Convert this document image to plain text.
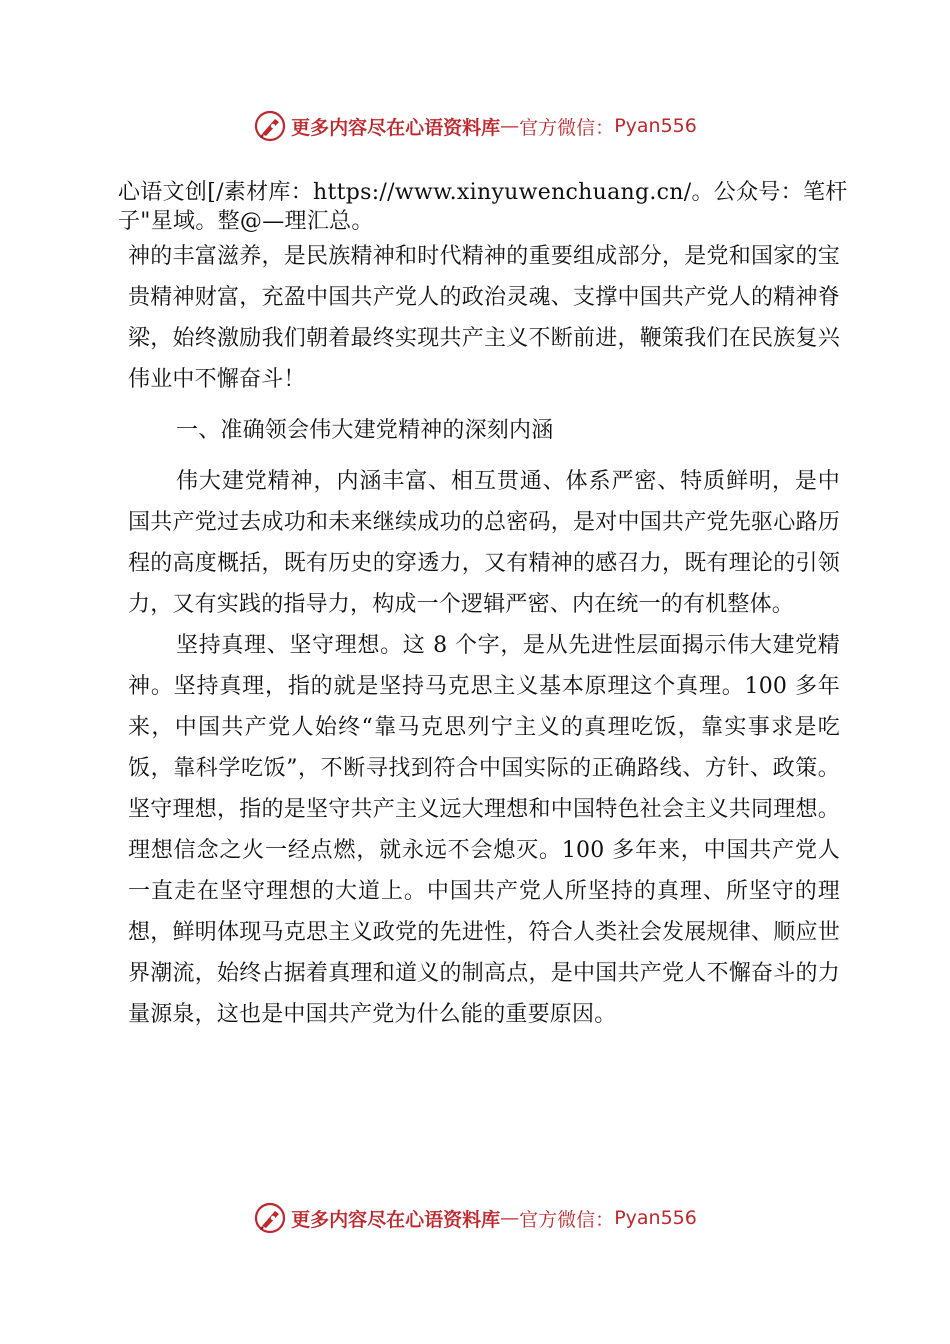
更多内容尽在心语资料库 — 官方微信： Pyan556
心语文创[/素材库：https://www.xinyuwenchuang.cn/。公众号：笔杆子"星域。整@—理汇总。

神的丰富滋养，是民族精神和时代精神的重要组成部分，是党和国家的宝贵精神财富，充盈中国共产党人的政治灵魂、支撑中国共产党人的精神脊梁，始终激励我们朝着最终实现共产主义不断前进，鞭策我们在民族复兴伟业中不懈奋斗！

一、准确领会伟大建党精神的深刻内涵

伟大建党精神，内涵丰富、相互贯通、体系严密、特质鲜明，是中国共产党过去成功和未来继续成功的总密码，是对中国共产党先驱心路历程的高度概括，既有历史的穿透力，又有精神的感召力，既有理论的引领力，又有实践的指导力，构成一个逻辑严密、内在统一的有机整体。

坚持真理、坚守理想。这 8 个字，是从先进性层面揭示伟大建党精神。坚持真理，指的就是坚持马克思主义基本原理这个真理。100 多年来，中国共产党人始终“靠马克思列宁主义的真理吃饭，靠实事求是吃饭，靠科学吃饭”，不断寻找到符合中国实际的正确路线、方针、政策。坚守理想，指的是坚守共产主义远大理想和中国特色社会主义共同理想。理想信念之火一经点燃，就永远不会熄灭。100 多年来，中国共产党人一直走在坚守理想的大道上。中国共产党人所坚持的真理、所坚守的理想，鲜明体现马克思主义政党的先进性，符合人类社会发展规律、顺应世界潮流，始终占据着真理和道义的制高点，是中国共产党人不懈奋斗的力量源泉，这也是中国共产党为什么能的重要原因。

更多内容尽在心语资料库 — 官方微信： Pyan556
